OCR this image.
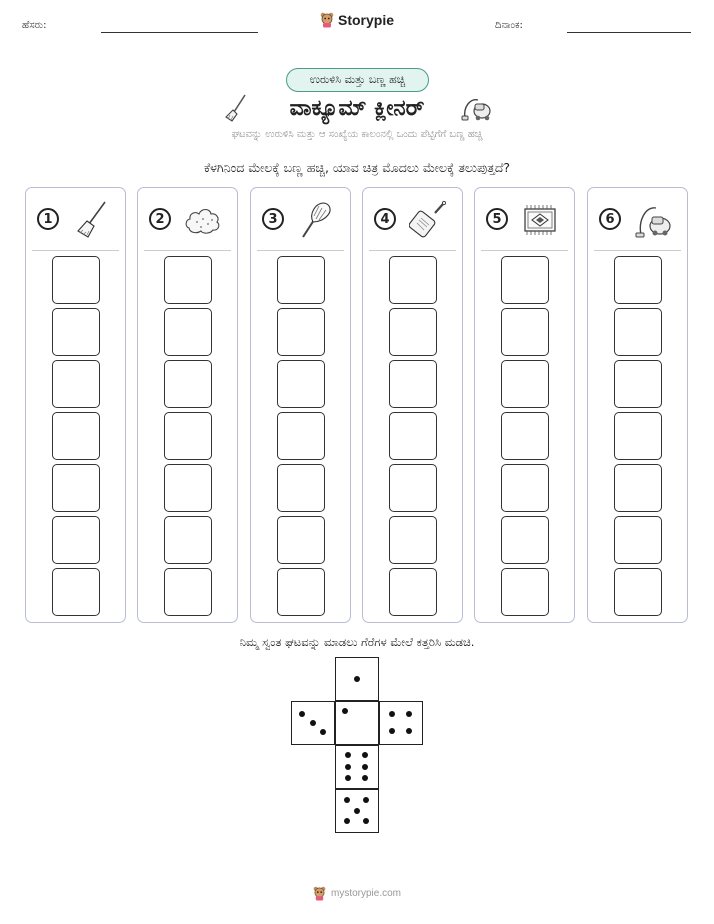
ಹೆಸರು:	Storypie	ದಿನಾಂಕ:
ಉರುಳಿಸಿ ಮತ್ತು ಬಣ್ಣ ಹಚ್ಚಿ
ವಾಕ್ಯೂಮ್ ಕ್ಲೀನರ್
ಘಟವನ್ನು ಉರುಳಿಸಿ ಮತ್ತು ಆ ಸಂಖ್ಯೆಯ ಕಾಲಂನಲ್ಲಿ ಒಂದು ಪೆಟ್ಟಿಗೆಗೆ ಬಣ್ಣ ಹಚ್ಚಿ
ಕೆಳಗಿನಿಂದ ಮೇಲಕ್ಕೆ ಬಣ್ಣ ಹಚ್ಚಿ, ಯಾವ ಚಿತ್ರ ಮೊದಲು ಮೇಲಕ್ಕೆ ತಲುಪುತ್ತದೆ?
1	2	3	4	5	6
ನಿಮ್ಮ ಸ್ವಂತ ಘಟವನ್ನು ಮಾಡಲು ಗೆರೆಗಳ ಮೇಲೆ ಕತ್ತರಿಸಿ ಮಡಚಿ.
mystorypie.com
